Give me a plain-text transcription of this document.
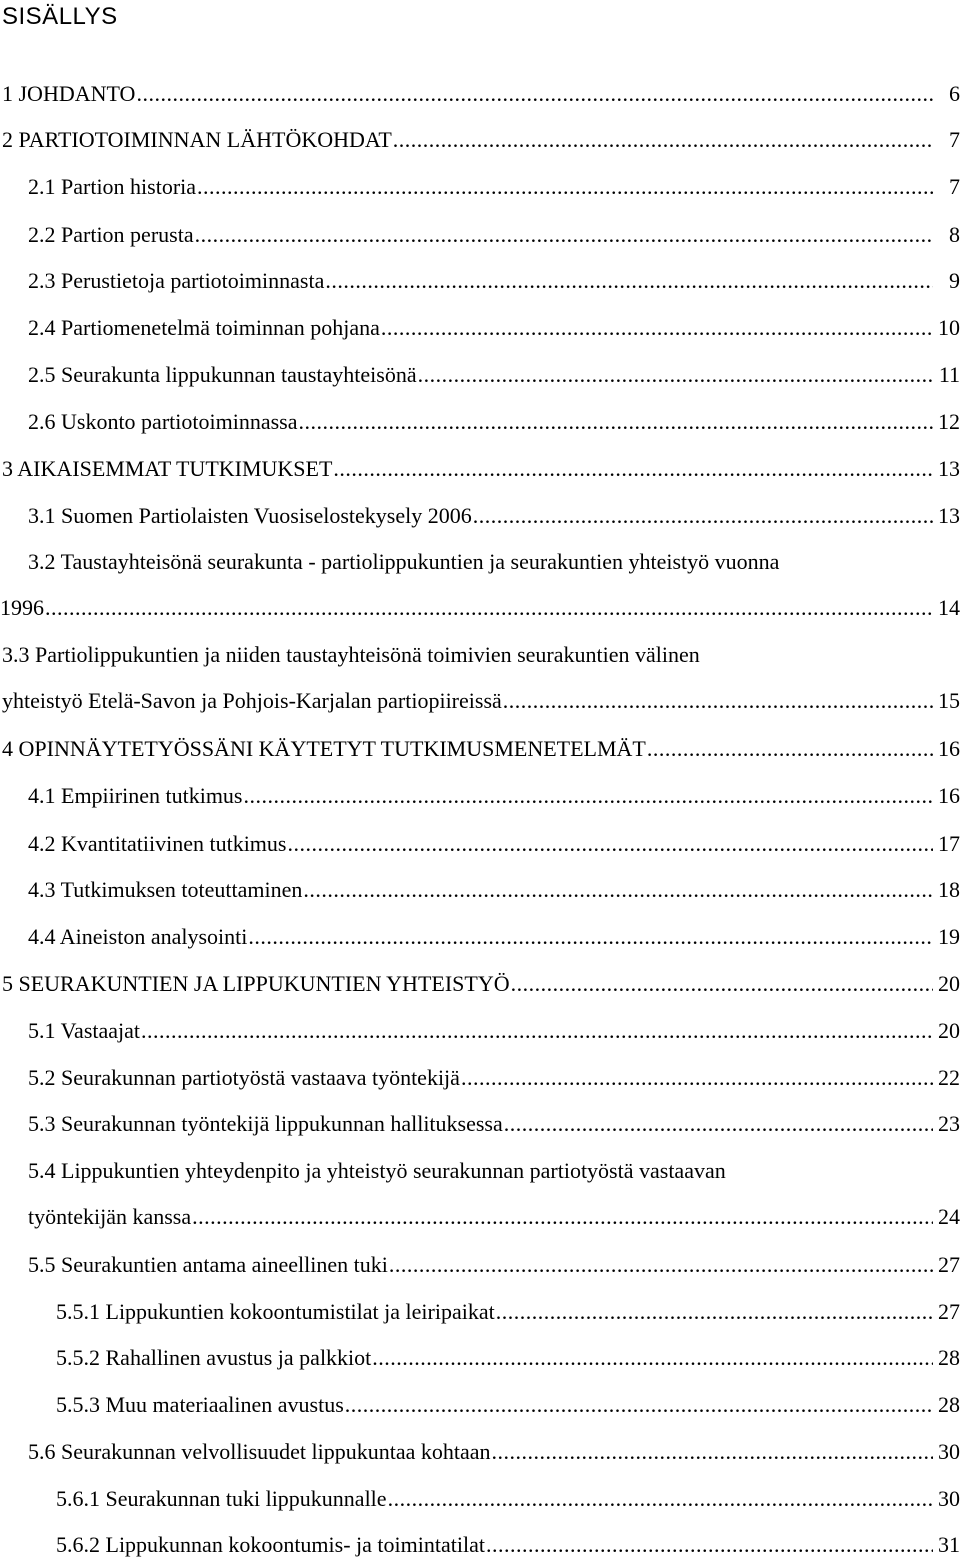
SISÄLLYS
1 JOHDANTO .....	6
2 PARTIOTOIMINNAN LÄHTÖKOHDAT .....	7
2.1 Partion historia .....	7
2.2 Partion perusta .....	8
2.3 Perustietoja partiotoiminnasta .....	9
2.4 Partiomenetelmä toiminnan pohjana .....	10
2.5 Seurakunta lippukunnan taustayhteisönä .....	11
2.6 Uskonto partiotoiminnassa .....	12
3 AIKAISEMMAT TUTKIMUKSET .....	13
3.1 Suomen Partiolaisten Vuosiselostekysely 2006 .....	13
3.2 Taustayhteisönä seurakunta - partiolippukuntien ja seurakuntien yhteistyö vuonna
1996 .....	14
3.3 Partiolippukuntien ja niiden taustayhteisönä toimivien seurakuntien välinen
yhteistyö Etelä-Savon ja Pohjois-Karjalan partiopiireissä .....	15
4 OPINNÄYTETYÖSSÄNI KÄYTETYT TUTKIMUSMENETELMÄT .....	16
4.1 Empiirinen tutkimus .....	16
4.2 Kvantitatiivinen tutkimus .....	17
4.3 Tutkimuksen toteuttaminen .....	18
4.4 Aineiston analysointi .....	19
5 SEURAKUNTIEN JA LIPPUKUNTIEN YHTEISTYÖ .....	20
5.1 Vastaajat .....	20
5.2 Seurakunnan partiotyöstä vastaava työntekijä .....	22
5.3 Seurakunnan työntekijä lippukunnan hallituksessa .....	23
5.4 Lippukuntien yhteydenpito ja yhteistyö seurakunnan partiotyöstä vastaavan
työntekijän kanssa .....	24
5.5 Seurakuntien antama aineellinen tuki .....	27
5.5.1 Lippukuntien kokoontumistilat ja leiripaikat .....	27
5.5.2 Rahallinen avustus ja palkkiot .....	28
5.5.3 Muu materiaalinen avustus .....	28
5.6 Seurakunnan velvollisuudet lippukuntaa kohtaan .....	30
5.6.1 Seurakunnan tuki lippukunnalle .....	30
5.6.2 Lippukunnan kokoontumis- ja toimintatilat .....	31
